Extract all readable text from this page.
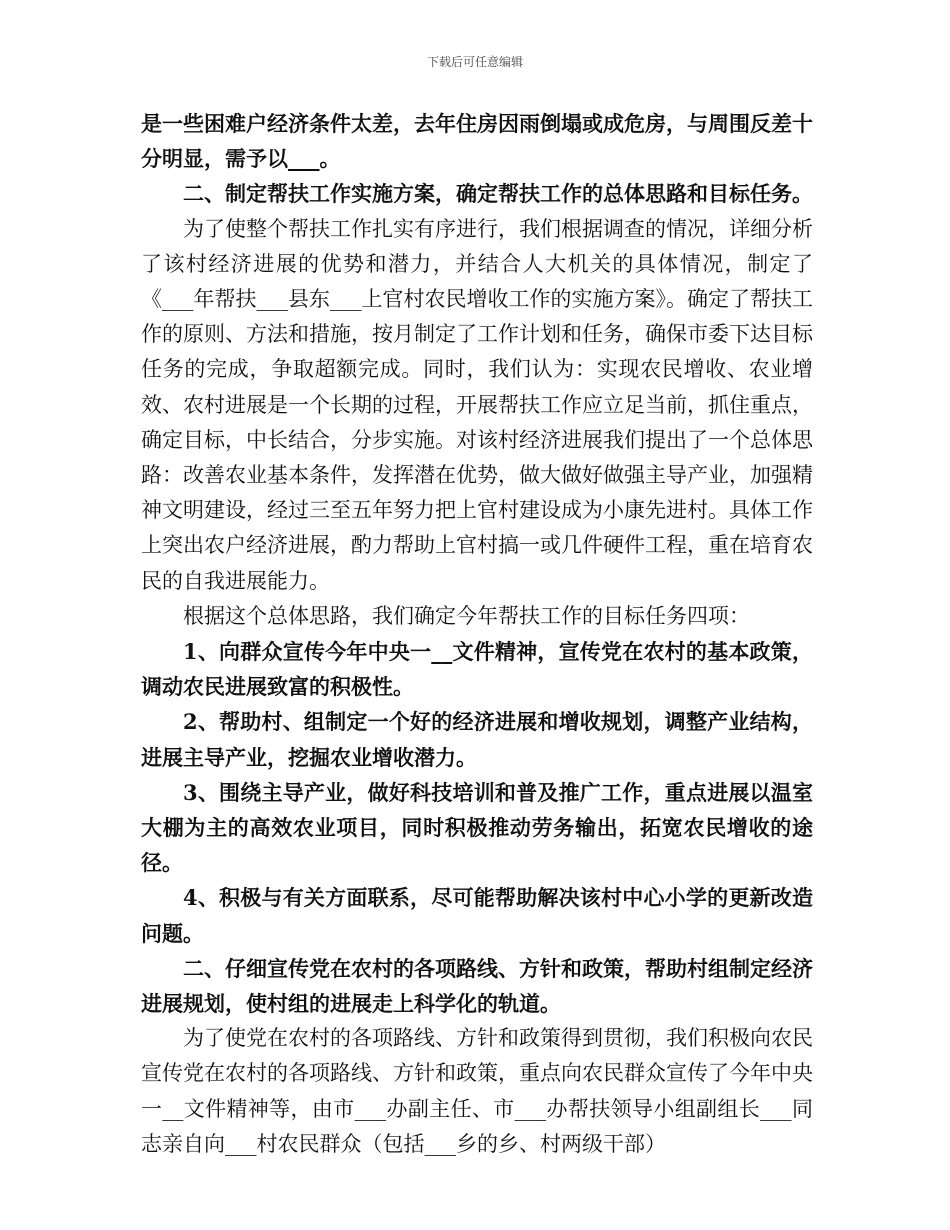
下载后可任意编辑

是一些困难户经济条件太差，去年住房因雨倒塌或成危房，与周围反差十分明显，需予以___。

二、制定帮扶工作实施方案，确定帮扶工作的总体思路和目标任务。

为了使整个帮扶工作扎实有序进行，我们根据调查的情况，详细分析了该村经济进展的优势和潜力，并结合人大机关的具体情况，制定了《___年帮扶___县东___上官村农民增收工作的实施方案》。确定了帮扶工作的原则、方法和措施，按月制定了工作计划和任务，确保市委下达目标任务的完成，争取超额完成。同时，我们认为：实现农民增收、农业增效、农村进展是一个长期的过程，开展帮扶工作应立足当前，抓住重点，确定目标，中长结合，分步实施。对该村经济进展我们提出了一个总体思路：改善农业基本条件，发挥潜在优势，做大做好做强主导产业，加强精神文明建设，经过三至五年努力把上官村建设成为小康先进村。具体工作上突出农户经济进展，酌力帮助上官村搞一或几件硬件工程，重在培育农民的自我进展能力。

根据这个总体思路，我们确定今年帮扶工作的目标任务四项：

1、向群众宣传今年中央一__文件精神，宣传党在农村的基本政策，调动农民进展致富的积极性。

2、帮助村、组制定一个好的经济进展和增收规划，调整产业结构，进展主导产业，挖掘农业增收潜力。

3、围绕主导产业，做好科技培训和普及推广工作，重点进展以温室大棚为主的高效农业项目，同时积极推动劳务输出，拓宽农民增收的途径。

4、积极与有关方面联系，尽可能帮助解决该村中心小学的更新改造问题。

二、仔细宣传党在农村的各项路线、方针和政策，帮助村组制定经济进展规划，使村组的进展走上科学化的轨道。

为了使党在农村的各项路线、方针和政策得到贯彻，我们积极向农民宣传党在农村的各项路线、方针和政策，重点向农民群众宣传了今年中央一__文件精神等，由市___办副主任、市___办帮扶领导小组副组长___同志亲自向___村农民群众（包括___乡的乡、村两级干部）
